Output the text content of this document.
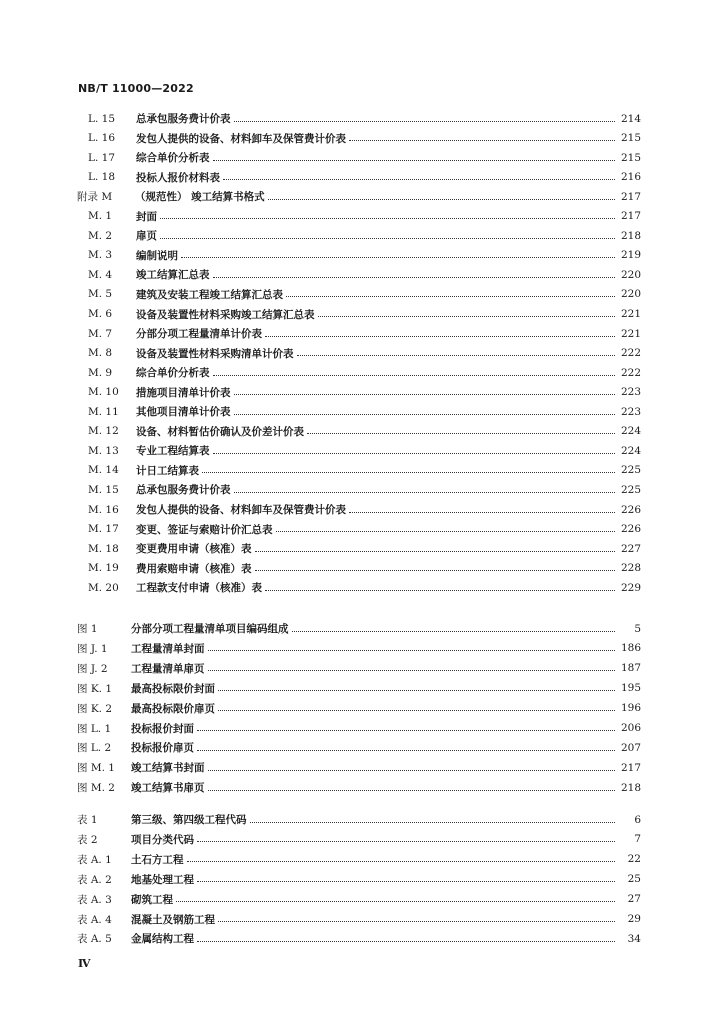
NB/T 11000—2022
L. 15	总承包服务费计价表	214
L. 16	发包人提供的设备、材料卸车及保管费计价表	215
L. 17	综合单价分析表	215
L. 18	投标人报价材料表	216
附录 M	（规范性） 竣工结算书格式	217
M. 1	封面	217
M. 2	扉页	218
M. 3	编制说明	219
M. 4	竣工结算汇总表	220
M. 5	建筑及安装工程竣工结算汇总表	220
M. 6	设备及装置性材料采购竣工结算汇总表	221
M. 7	分部分项工程量清单计价表	221
M. 8	设备及装置性材料采购清单计价表	222
M. 9	综合单价分析表	222
M. 10	措施项目清单计价表	223
M. 11	其他项目清单计价表	223
M. 12	设备、材料暂估价确认及价差计价表	224
M. 13	专业工程结算表	224
M. 14	计日工结算表	225
M. 15	总承包服务费计价表	225
M. 16	发包人提供的设备、材料卸车及保管费计价表	226
M. 17	变更、签证与索赔计价汇总表	226
M. 18	变更费用申请（核准）表	227
M. 19	费用索赔申请（核准）表	228
M. 20	工程款支付申请（核准）表	229
图 1	分部分项工程量清单项目编码组成	5
图 J. 1	工程量清单封面	186
图 J. 2	工程量清单扉页	187
图 K. 1	最高投标限价封面	195
图 K. 2	最高投标限价扉页	196
图 L. 1	投标报价封面	206
图 L. 2	投标报价扉页	207
图 M. 1	竣工结算书封面	217
图 M. 2	竣工结算书扉页	218
表 1	第三级、第四级工程代码	6
表 2	项目分类代码	7
表 A. 1	土石方工程	22
表 A. 2	地基处理工程	25
表 A. 3	砌筑工程	27
表 A. 4	混凝土及钢筋工程	29
表 A. 5	金属结构工程	34
Ⅳ
